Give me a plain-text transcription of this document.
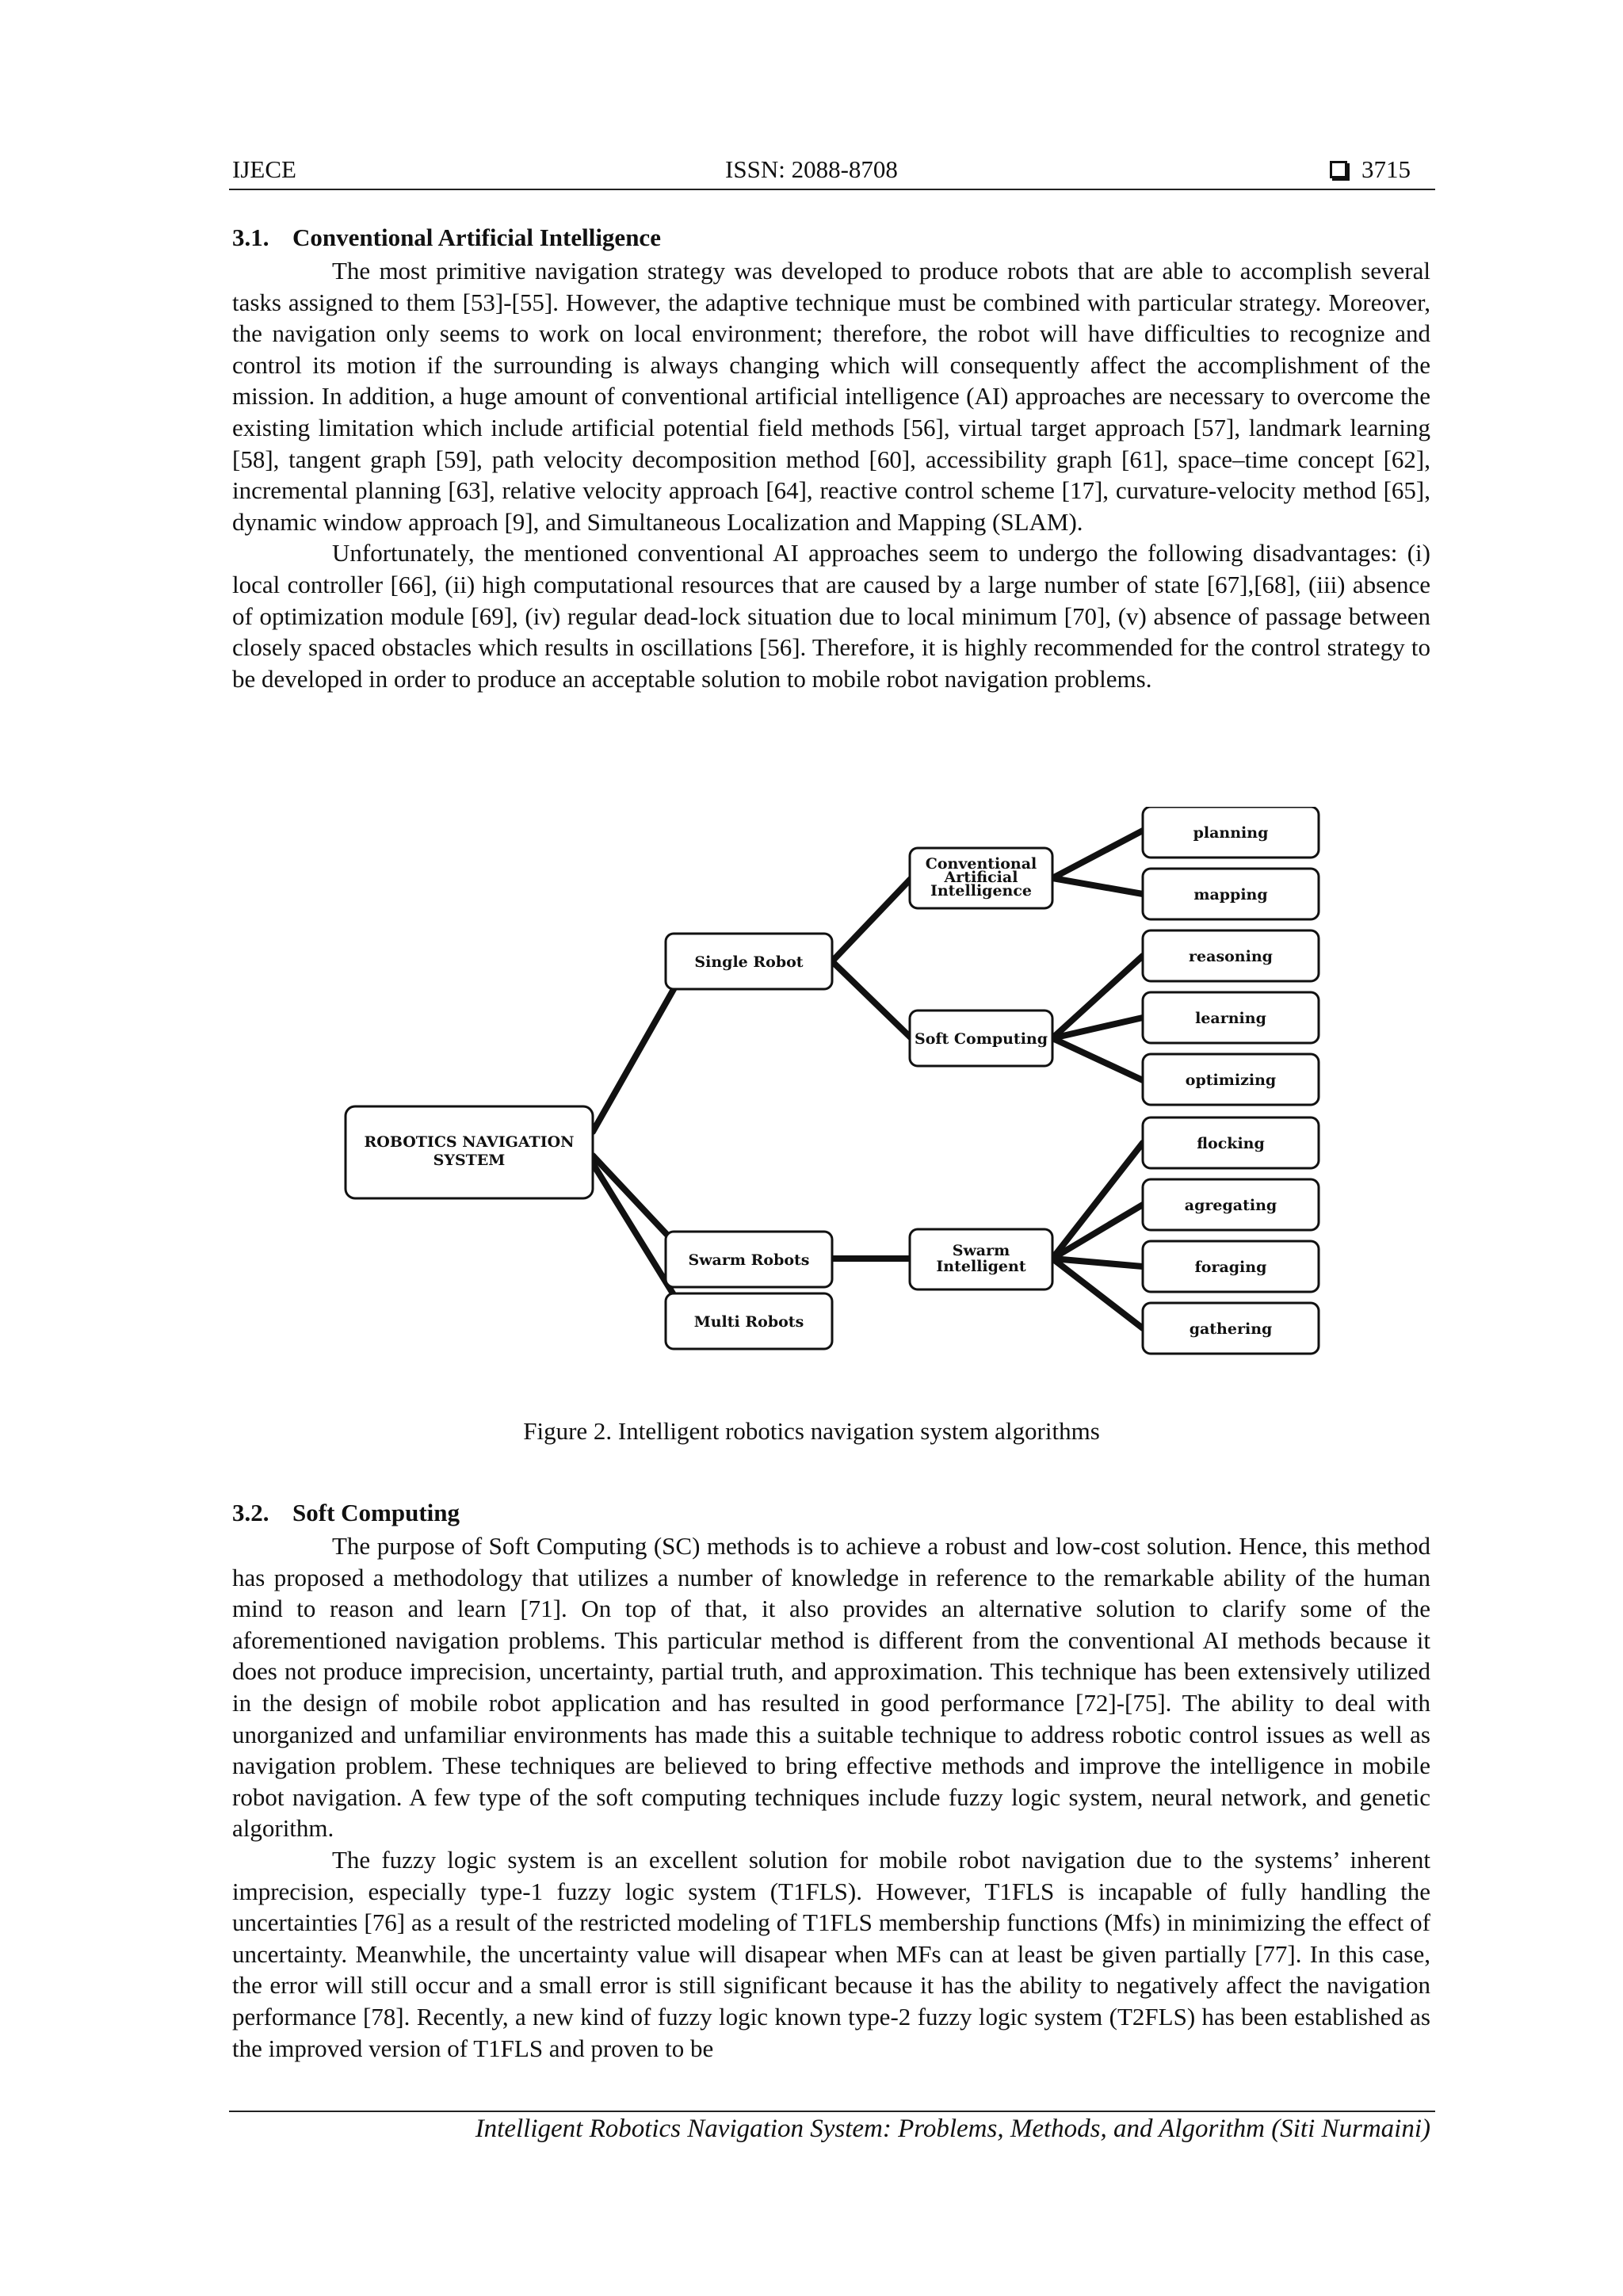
IJECE	ISSN: 2088-8708	3715
3.1. Conventional Artificial Intelligence

The most primitive navigation strategy was developed to produce robots that are able to accomplish several tasks assigned to them [53]-[55]. However, the adaptive technique must be combined with particular strategy. Moreover, the navigation only seems to work on local environment; therefore, the robot will have difficulties to recognize and control its motion if the surrounding is always changing which will consequently affect the accomplishment of the mission. In addition, a huge amount of conventional artificial intelligence (AI) approaches are necessary to overcome the existing limitation which include artificial potential field methods [56], virtual target approach [57], landmark learning [58], tangent graph [59], path velocity decomposition method [60], accessibility graph [61], space–time concept [62], incremental planning [63], relative velocity approach [64], reactive control scheme [17], curvature-velocity method [65], dynamic window approach [9], and Simultaneous Localization and Mapping (SLAM).

Unfortunately, the mentioned conventional AI approaches seem to undergo the following disadvantages: (i) local controller [66], (ii) high computational resources that are caused by a large number of state [67],[68], (iii) absence of optimization module [69], (iv) regular dead-lock situation due to local minimum [70], (v) absence of passage between closely spaced obstacles which results in oscillations [56]. Therefore, it is highly recommended for the control strategy to be developed in order to produce an acceptable solution to mobile robot navigation problems.

ROBOTICS NAVIGATION
SYSTEM
Single Robot
Swarm Robots
Multi Robots
Conventional
Artificial
Intelligence
Soft Computing
Swarm
Intelligent
planning
mapping
reasoning
learning
optimizing
flocking
agregating
foraging
gathering
Figure 2. Intelligent robotics navigation system algorithms
3.2. Soft Computing

The purpose of Soft Computing (SC) methods is to achieve a robust and low-cost solution. Hence, this method has proposed a methodology that utilizes a number of knowledge in reference to the remarkable ability of the human mind to reason and learn [71]. On top of that, it also provides an alternative solution to clarify some of the aforementioned navigation problems. This particular method is different from the conventional AI methods because it does not produce imprecision, uncertainty, partial truth, and approximation. This technique has been extensively utilized in the design of mobile robot application and has resulted in good performance [72]-[75]. The ability to deal with unorganized and unfamiliar environments has made this a suitable technique to address robotic control issues as well as navigation problem. These techniques are believed to bring effective methods and improve the intelligence in mobile robot navigation. A few type of the soft computing techniques include fuzzy logic system, neural network, and genetic algorithm.

The fuzzy logic system is an excellent solution for mobile robot navigation due to the systems’ inherent imprecision, especially type-1 fuzzy logic system (T1FLS). However, T1FLS is incapable of fully handling the uncertainties [76] as a result of the restricted modeling of T1FLS membership functions (Mfs) in minimizing the effect of uncertainty. Meanwhile, the uncertainty value will disapear when MFs can at least be given partially [77]. In this case, the error will still occur and a small error is still significant because it has the ability to negatively affect the navigation performance [78]. Recently, a new kind of fuzzy logic known type-2 fuzzy logic system (T2FLS) has been established as the improved version of T1FLS and proven to be

Intelligent Robotics Navigation System: Problems, Methods, and Algorithm (Siti Nurmaini)
